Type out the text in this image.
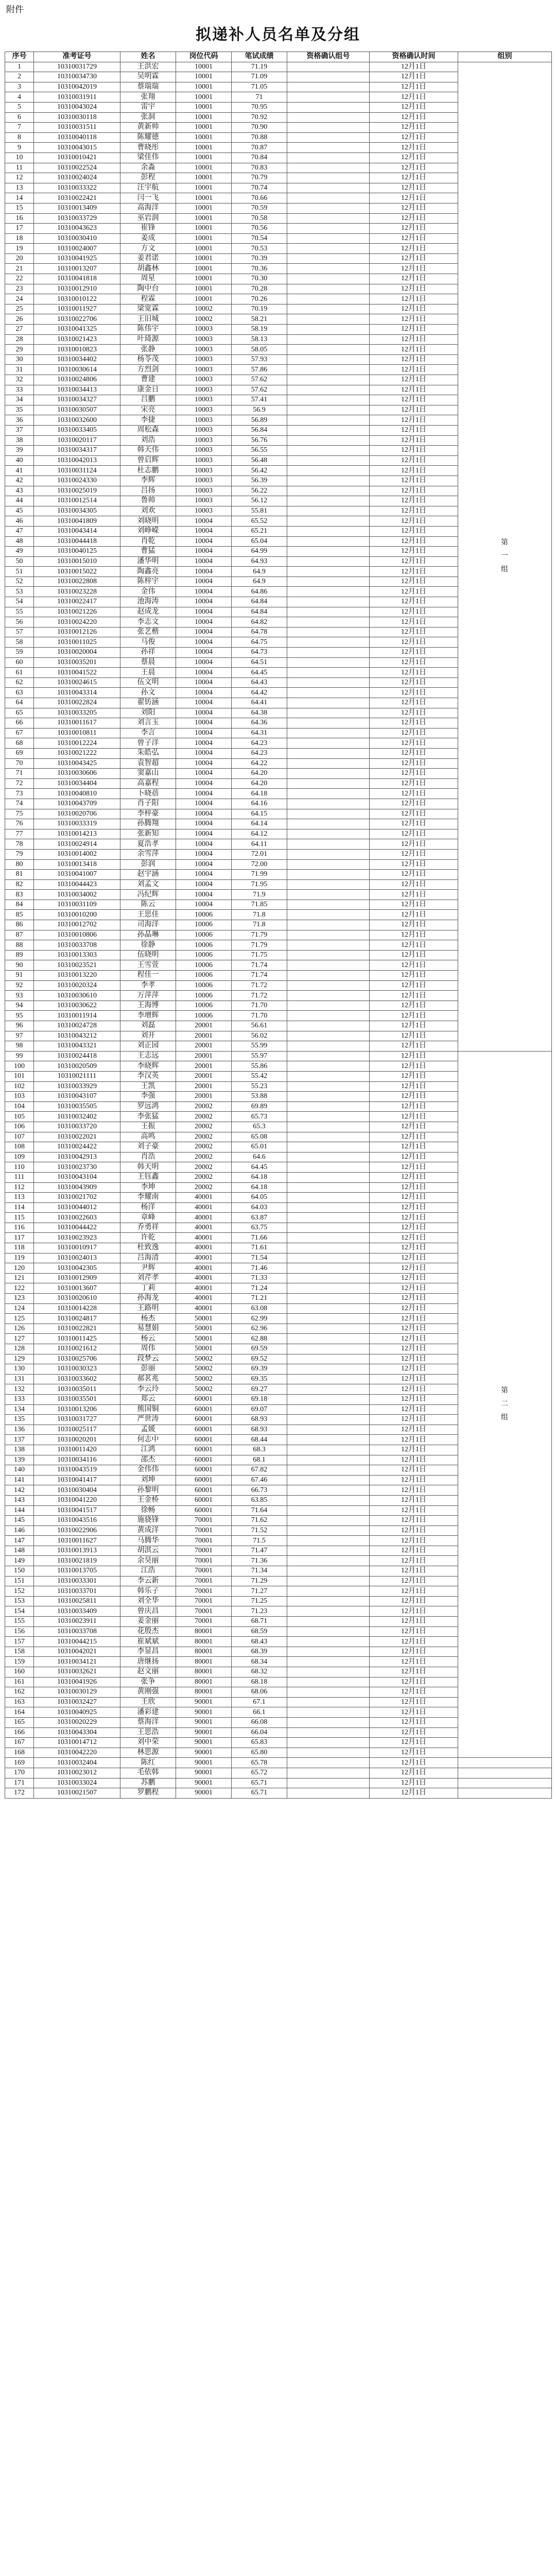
附件
拟递补人员名单及分组
序号	准考证号	姓名	岗位代码	笔试成绩	资格确认组号	资格确认时间	组别
1	10310031729	王洪宏	10001	71.19		12月1日	第一组
2	10310034730	吴明霖	10001	71.09		12月1日	
3	10310042019	蔡瑞瑞	10001	71.05		12月1日	
4	10310031911	张翔	10001	71		12月1日	
5	10310043024	雷宇	10001	70.95		12月1日	
6	10310030118	张洞	10001	70.92		12月1日	
7	10310031511	黄新帅	10001	70.90		12月1日	
8	10310040118	陈耀德	10001	70.88		12月1日	
9	10310043015	曹晓彤	10001	70.87		12月1日	
10	10310010421	梁佳伟	10001	70.84		12月1日	
11	10310022524	余淼	10001	70.83		12月1日	
12	10310024024	彭程	10001	70.79		12月1日	
13	10310033322	汪宇航	10001	70.74		12月1日	
14	10310022421	闫一飞	10001	70.66		12月1日	
15	10310013409	高海洋	10001	70.59		12月1日	
16	10310033729	巫岩润	10001	70.58		12月1日	
17	10310043623	崔锋	10001	70.56		12月1日	
18	10310030410	姜成	10001	70.54		12月1日	
19	10310024007	方文	10001	70.53		12月1日	
20	10310041925	姜君诺	10001	70.39		12月1日	
21	10310013207	胡鑫林	10001	70.36		12月1日	
22	10310041818	周星	10001	70.30		12月1日	
23	10310012910	陶中台	10001	70.28		12月1日	
24	10310010122	程霖	10001	70.26		12月1日	
25	10310011927	梁宽霖	10002	70.19		12月1日	
26	10310022706	王旧城	10002	58.21		12月1日	
27	10310041325	陈伟宇	10003	58.19		12月1日	
28	10310021423	叶琦源	10003	58.13		12月1日	
29	10310010823	张静	10003	58.05		12月1日	
30	10310034402	杨苓茂	10003	57.93		12月1日	
31	10310030614	方烈剑	10003	57.86		12月1日	
32	10310024806	曹建	10003	57.62		12月1日	
33	10310034413	康金日	10003	57.62		12月1日	
34	10310034327	吕鹏	10003	57.41		12月1日	
35	10310030507	宋亮	10003	56.9		12月1日	
36	10310032600	李捷	10003	56.89		12月1日	
37	10310033405	周松森	10003	56.84		12月1日	
38	10310020117	刘浩	10003	56.76		12月1日	
39	10310034317	韩天伟	10003	56.55		12月1日	
40	10310042013	曾启辉	10003	56.48		12月1日	
41	10310031124	杜志鹏	10003	56.42		12月1日	
42	10310024330	李辉	10003	56.39		12月1日	
43	10310025019	吕扬	10003	56.22		12月1日	
44	10310012514	鲁帅	10003	56.12		12月1日	
45	10310034305	刘欢	10003	55.81		12月1日	
46	10310041809	刘晓明	10004	65.52		12月1日	
47	10310043414	刘峥嵘	10004	65.21		12月1日	
48	10310044418	肖乾	10004	65.04		12月1日	
49	10310040125	曹猛	10004	64.99		12月1日	
50	10310015010	潘华明	10004	64.93		12月1日	
51	10310015022	陶鑫亮	10004	64.9		12月1日	
52	10310022808	陈梓宇	10004	64.9		12月1日	
53	10310023228	金伟	10004	64.86		12月1日	
54	10310022417	池海涛	10004	64.84		12月1日	
55	10310021226	赵成龙	10004	64.84		12月1日	
56	10310024220	李志文	10004	64.82		12月1日	
57	10310012126	张艺楷	10004	64.78		12月1日	
58	10310011025	马俊	10004	64.75		12月1日	
59	10310020004	孙祥	10004	64.73		12月1日	
60	10310035201	蔡晨	10004	64.51		12月1日	
61	10310041522	王晨	10004	64.45		12月1日	
62	10310024615	伍文明	10004	64.43		12月1日	
63	10310043314	孙文	10004	64.42		12月1日	
64	10310022824	翟钫涵	10004	64.41		12月1日	
65	10310033205	刘阳	10004	64.38		12月1日	
66	10310011617	刘言玉	10004	64.36		12月1日	
67	10310010811	李言	10004	64.31		12月1日	
68	10310012224	曾子洋	10004	64.23		12月1日	
69	10310021222	朱皓弘	10004	64.23		12月1日	
70	10310043425	袁智超	10004	64.22		12月1日	
71	10310030606	窦嘉山	10004	64.20		12月1日	
72	10310034404	高嘉程	10004	64.20		12月1日	
73	10310040810	卜晓蓓	10004	64.18		12月1日	
74	10310043709	肖子阳	10004	64.16		12月1日	
75	10310020706	李梓豪	10004	64.15		12月1日	
76	10310033319	孙腾翔	10004	64.14		12月1日	
77	10310014213	张新知	10004	64.12		12月1日	
78	10310024914	夏浩孝	10004	64.11		12月1日	
79	10310014002	余雪萍	10004	72.01		12月1日	
80	10310013418	彭润	10004	72.00		12月1日	
81	10310041007	赵宇涵	10004	71.99		12月1日	
82	10310044423	刘孟文	10004	71.95		12月1日	
83	10310034002	冯纪辉	10004	71.9		12月1日	
84	10310031109	陈云	10004	71.85		12月1日	
85	10310010200	王思佳	10006	71.8		12月1日	
86	10310012702	司海洋	10006	71.8		12月1日	
87	10310010806	孙晶琳	10006	71.79		12月1日	
88	10310033708	徐静	10006	71.79		12月1日	
89	10310013303	伍晓明	10006	71.75		12月1日	
90	10310023521	王雪萱	10006	71.74		12月1日	
91	10310013220	程佳一	10006	71.74		12月1日	
92	10310020324	李孝	10006	71.72		12月1日	
93	10310030610	万萍萍	10006	71.72		12月1日	
94	10310030622	王海博	10006	71.70		12月1日	
95	10310011914	李增辉	10006	71.70		12月1日	
96	10310024728	刘磊	20001	56.61		12月1日	
97	10310043212	刘开	20001	56.02		12月1日	
98	10310043321	刘正园	20001	55.99		12月1日	
99	10310024418	王志远	20001	55.97		12月1日	第二组
100	10310020509	李晓辉	20001	55.86		12月1日	
101	10310021111	李汉英	20001	55.42		12月1日	
102	10310033929	王凯	20001	55.23		12月1日	
103	10310043107	李强	20001	53.88		12月1日	
104	10310035505	罗远鸿	20002	69.89		12月1日	
105	10310032402	李张猛	20002	65.73		12月1日	
106	10310033720	王振	20002	65.3		12月1日	
107	10310022021	高鸣	20002	65.08		12月1日	
108	10310024422	刘子豪	20002	65.01		12月1日	
109	10310042913	肖浩	20002	64.6		12月1日	
110	10310023730	韩天明	20002	64.45		12月1日	
111	10310043104	王钰鑫	20002	64.18		12月1日	
112	10310043909	李坤	20002	64.18		12月1日	
113	10310021702	李耀南	40001	64.05		12月1日	
114	10310044012	杨洋	40001	64.03		12月1日	
115	10310022603	章峰	40001	63.87		12月1日	
116	10310044422	乔勇祥	40001	63.75		12月1日	
117	10310023923	许乾	40001	71.66		12月1日	
118	10310010917	杜致逸	40001	71.61		12月1日	
119	10310024013	吕海清	40001	71.54		12月1日	
120	10310042305	尹辉	40001	71.46		12月1日	
121	10310012909	刘芹孝	40001	71.33		12月1日	
122	10310013607	丁莉	40001	71.24		12月1日	
123	10310020610	孙海龙	40001	71.21		12月1日	
124	10310014228	王路明	40001	63.08		12月1日	
125	10310024817	杨杰	50001	62.99		12月1日	
126	10310022821	易慧娟	50001	62.96		12月1日	
127	10310011425	杨云	50001	62.88		12月1日	
128	10310021612	周伟	50001	69.59		12月1日	
129	10310025706	段梦云	50002	69.52		12月1日	
130	10310030323	彭丽	50002	69.39		12月1日	
131	10310033602	郝茗兆	50002	69.35		12月1日	
132	10310035011	李云玲	50002	69.27		12月1日	
133	10310035501	郑云	60001	69.18		12月1日	
134	10310013206	熊国铜	60001	69.07		12月1日	
135	10310031727	严世涛	60001	68.93		12月1日	
136	10310025117	孟媛	60001	68.93		12月1日	
137	10310020201	何志中	60001	68.44		12月1日	
138	10310011420	江鸿	60001	68.3		12月1日	
139	10310034116	邵杰	60001	68.1		12月1日	
140	10310043519	金伟伟	60001	67.82		12月1日	
141	10310041417	刘坤	60001	67.46		12月1日	
142	10310030404	孙黎明	60001	66.73		12月1日	
143	10310041220	王金桥	60001	63.85		12月1日	
144	10310041517	徐畅	60001	71.64		12月1日	
145	10310043516	施骁锋	70001	71.62		12月1日	
146	10310022906	黄成洋	70001	71.52		12月1日	
147	10310011627	马腾华	70001	71.5		12月1日	
148	10310013913	胡淇云	70001	71.47		12月1日	
149	10310021819	余昊丽	70001	71.36		12月1日	
150	10310013705	江浩	70001	71.34		12月1日	
151	10310033301	李云新	70001	71.29		12月1日	
152	10310033701	韩乐子	70001	71.27		12月1日	
153	10310025811	刘全华	70001	71.25		12月1日	
154	10310033409	曾庆昌	70001	71.23		12月1日	
155	10310023911	姜金丽	70001	68.71		12月1日	
156	10310033708	花殷杰	80001	68.59		12月1日	
157	10310044215	崔斌斌	80001	68.43		12月1日	
158	10310042021	李显昌	80001	68.39		12月1日	
159	10310034121	唐继扬	80001	68.34		12月1日	
160	10310032621	赵文丽	80001	68.32		12月1日	
161	10310041926	张争	80001	68.18		12月1日	
162	10310030129	黄刚强	80001	68.06		12月1日	
163	10310032427	王欣	90001	67.1		12月1日	
164	10310040925	潘彩建	90001	66.1		12月1日	
165	10310020229	蔡海洋	90001	66.08		12月1日	
166	10310043304	王思浩	90001	66.04		12月1日	
167	10310014712	刘中荣	90001	65.83		12月1日	
168	10310042220	林思源	90001	65.80		12月1日	
169	10310032404	陈红	90001	65.78		12月1日	
170	10310023012	毛依韩	90001	65.72		12月1日	
171	10310033024	苏鹏	90001	65.71		12月1日	
172	10310021507	罗鹏程	90001	65.71		12月1日	
